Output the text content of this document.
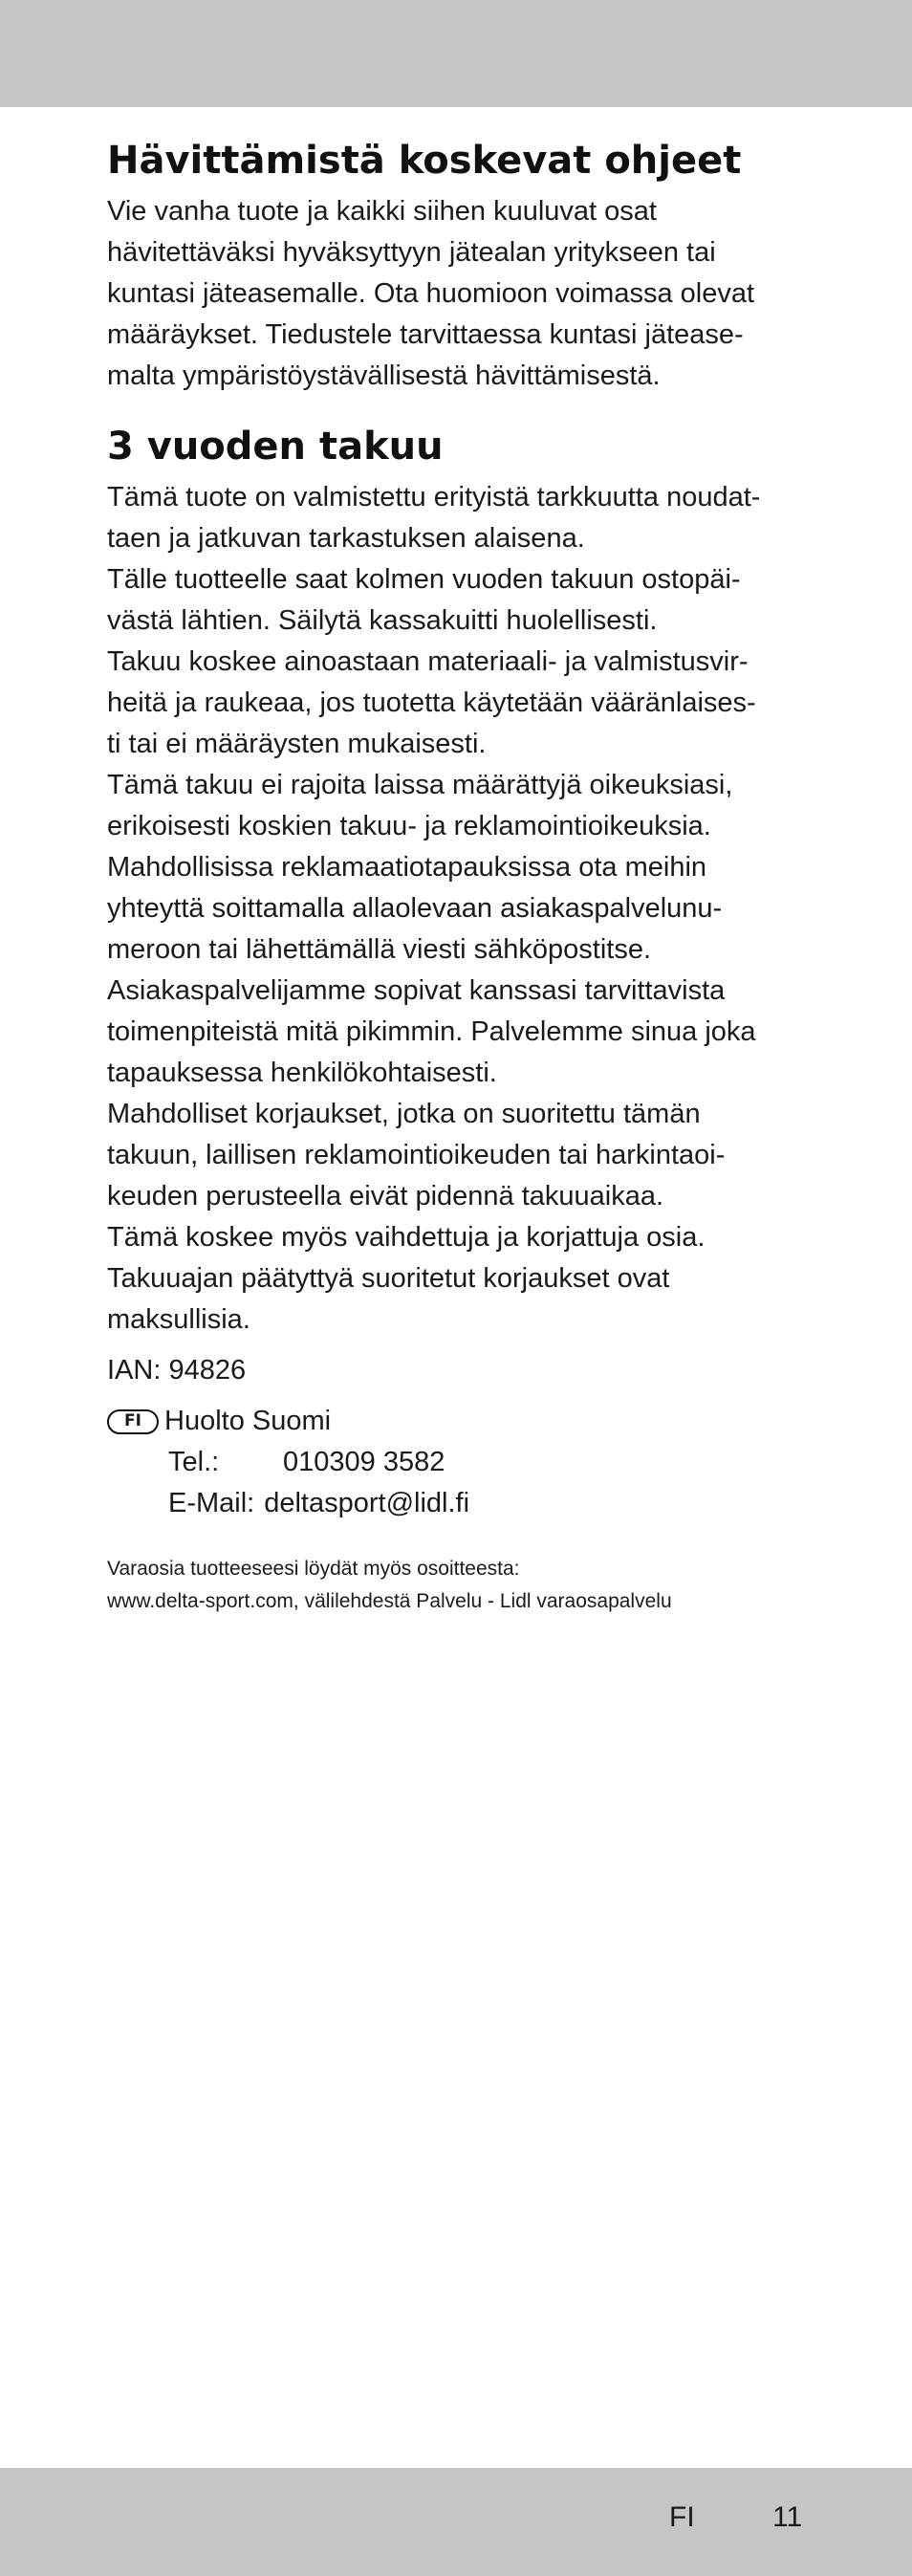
Hävittämistä koskevat ohjeet
Vie vanha tuote ja kaikki siihen kuuluvat osat
hävitettäväksi hyväksyttyyn jätealan yritykseen tai
kuntasi jäteasemalle. Ota huomioon voimassa olevat
määräykset. Tiedustele tarvittaessa kuntasi jätease-
malta ympäristöystävällisestä hävittämisestä.
3 vuoden takuu
Tämä tuote on valmistettu erityistä tarkkuutta noudat-
taen ja jatkuvan tarkastuksen alaisena.
Tälle tuotteelle saat kolmen vuoden takuun ostopäi-
västä lähtien. Säilytä kassakuitti huolellisesti.
Takuu koskee ainoastaan materiaali- ja valmistusvir-
heitä ja raukeaa, jos tuotetta käytetään vääränlaises-
ti tai ei määräysten mukaisesti.
Tämä takuu ei rajoita laissa määrättyjä oikeuksiasi,
erikoisesti koskien takuu- ja reklamointioikeuksia.
Mahdollisissa reklamaatiotapauksissa ota meihin
yhteyttä soittamalla allaolevaan asiakaspalvelunu-
meroon tai lähettämällä viesti sähköpostitse.
Asiakaspalvelijamme sopivat kanssasi tarvittavista
toimenpiteistä mitä pikimmin. Palvelemme sinua joka
tapauksessa henkilökohtaisesti.
Mahdolliset korjaukset, jotka on suoritettu tämän
takuun, laillisen reklamointioikeuden tai harkintaoi-
keuden perusteella eivät pidennä takuuaikaa.
Tämä koskee myös vaihdettuja ja korjattuja osia.
Takuuajan päätyttyä suoritetut korjaukset ovat
maksullisia.
IAN: 94826
FI Huolto Suomi
Tel.: 010309 3582
E-Mail: deltasport@lidl.fi
Varaosia tuotteeseesi löydät myös osoitteesta:
www.delta-sport.com, välilehdestä Palvelu - Lidl varaosapalvelu
FI	11
